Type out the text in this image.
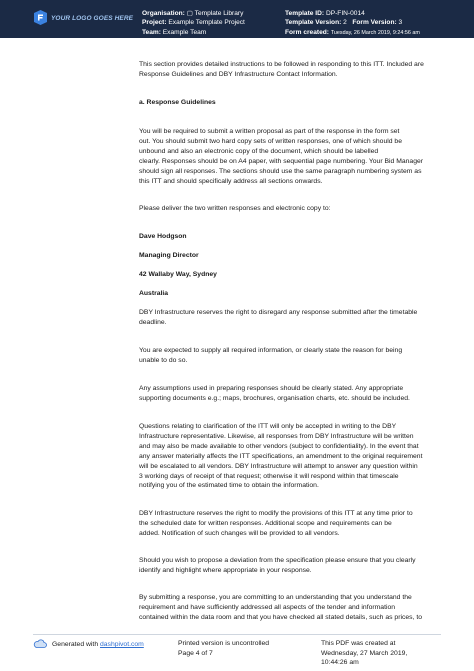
YOUR LOGO GOES HERE
Organisation: ▢ Template Library
Project: Example Template Project
Team: Example Team
Template ID: DP-FIN-0014
Template Version: 2 Form Version: 3
Form created: Tuesday, 26 March 2019, 9:24:56 am

This section provides detailed instructions to be followed in responding to this ITT. Included are
Response Guidelines and DBY Infrastructure Contact Information.

a. Response Guidelines

You will be required to submit a written proposal as part of the response in the form set
out. You should submit two hard copy sets of written responses, one of which should be
unbound and also an electronic copy of the document, which should be labelled
clearly. Responses should be on A4 paper, with sequential page numbering. Your Bid Manager
should sign all responses. The sections should use the same paragraph numbering system as
this ITT and should specifically address all sections onwards.

Please deliver the two written responses and electronic copy to:

Dave Hodgson

Managing Director

42 Wallaby Way, Sydney

Australia

DBY Infrastructure reserves the right to disregard any response submitted after the timetable
deadline.

You are expected to supply all required information, or clearly state the reason for being
unable to do so.

Any assumptions used in preparing responses should be clearly stated. Any appropriate
supporting documents e.g.; maps, brochures, organisation charts, etc. should be included.

Questions relating to clarification of the ITT will only be accepted in writing to the DBY
Infrastructure representative. Likewise, all responses from DBY Infrastructure will be written
and may also be made available to other vendors (subject to confidentiality). In the event that
any answer materially affects the ITT specifications, an amendment to the original requirement
will be escalated to all vendors. DBY Infrastructure will attempt to answer any question within
3 working days of receipt of that request; otherwise it will respond within that timescale
notifying you of the estimated time to obtain the information.

DBY Infrastructure reserves the right to modify the provisions of this ITT at any time prior to
the scheduled date for written responses. Additional scope and requirements can be
added. Notification of such changes will be provided to all vendors.

Should you wish to propose a deviation from the specification please ensure that you clearly
identify and highlight where appropriate in your response.

By submitting a response, you are committing to an understanding that you understand the
requirement and have sufficiently addressed all aspects of the tender and information
contained within the data room and that you have checked all stated details, such as prices, to

Generated with dashpivot.com	Printed version is uncontrolled
Page 4 of 7
This PDF was created at
Wednesday, 27 March 2019,
10:44:26 am
